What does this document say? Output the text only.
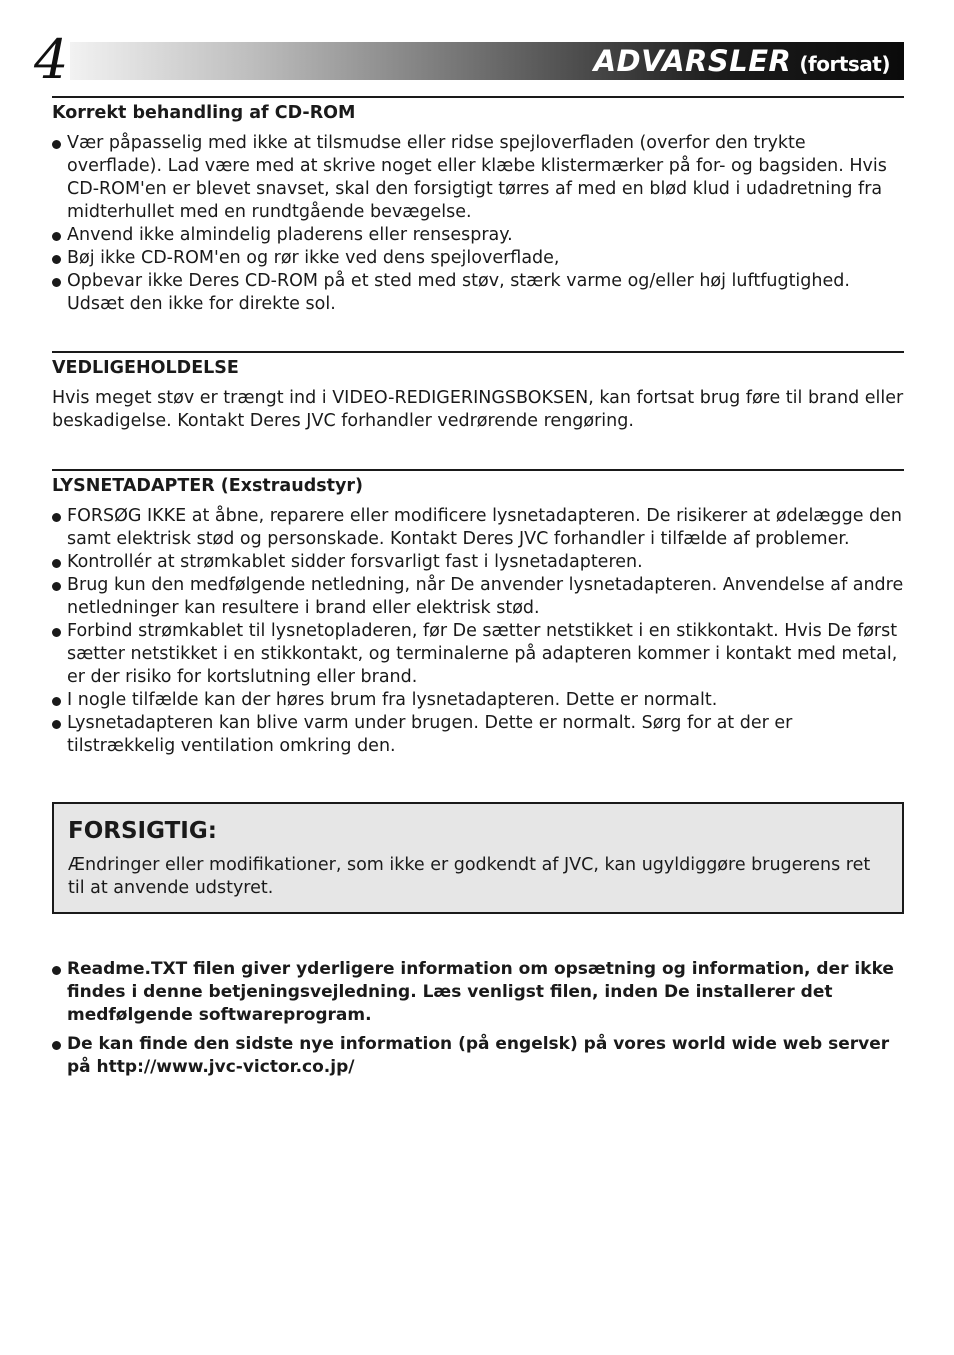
4	ADVARSLER (fortsat)
Korrekt behandling af CD-ROM
Vær påpasselig med ikke at tilsmudse eller ridse spejloverfladen (overfor den trykte overflade). Lad være med at skrive noget eller klæbe klistermærker på for- og bagsiden. Hvis CD-ROM'en er blevet snavset, skal den forsigtigt tørres af med en blød klud i udadretning fra midterhullet med en rundtgående bevægelse.
Anvend ikke almindelig pladerens eller rensespray.
Bøj ikke CD-ROM'en og rør ikke ved dens spejloverflade,
Opbevar ikke Deres CD-ROM på et sted med støv, stærk varme og/eller høj luftfugtighed. Udsæt den ikke for direkte sol.
VEDLIGEHOLDELSE
Hvis meget støv er trængt ind i VIDEO-REDIGERINGSBOKSEN, kan fortsat brug føre til brand eller beskadigelse. Kontakt Deres JVC forhandler vedrørende rengøring.
LYSNETADAPTER (Exstraudstyr)
FORSØG IKKE at åbne, reparere eller modificere lysnetadapteren. De risikerer at ødelægge den samt elektrisk stød og personskade. Kontakt Deres JVC forhandler i tilfælde af problemer.
Kontrollér at strømkablet sidder forsvarligt fast i lysnetadapteren.
Brug kun den medfølgende netledning, når De anvender lysnetadapteren. Anvendelse af andre netledninger kan resultere i brand eller elektrisk stød.
Forbind strømkablet til lysnetopladeren, før De sætter netstikket i en stikkontakt. Hvis De først sætter netstikket i en stikkontakt, og terminalerne på adapteren kommer i kontakt med metal, er der risiko for kortslutning eller brand.
I nogle tilfælde kan der høres brum fra lysnetadapteren. Dette er normalt.
Lysnetadapteren kan blive varm under brugen. Dette er normalt. Sørg for at der er tilstrækkelig ventilation omkring den.
FORSIGTIG:
Ændringer eller modifikationer, som ikke er godkendt af JVC, kan ugyldiggøre brugerens ret til at anvende udstyret.
Readme.TXT filen giver yderligere information om opsætning og information, der ikke findes i denne betjeningsvejledning. Læs venligst filen, inden De installerer det medfølgende softwareprogram.
De kan finde den sidste nye information (på engelsk) på vores world wide web server på http://www.jvc-victor.co.jp/
